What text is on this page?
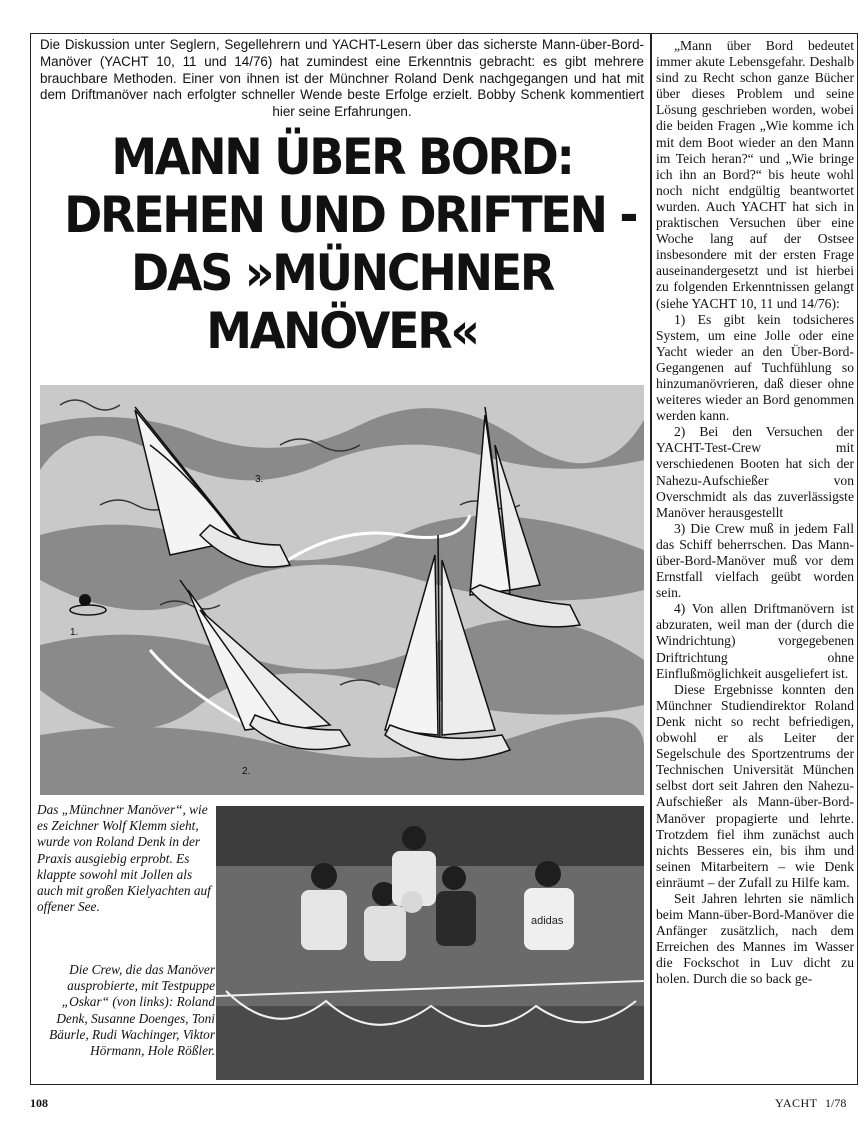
Die Diskussion unter Seglern, Segellehrern und YACHT-Lesern über das sicherste Mann-über-Bord-Manöver (YACHT 10, 11 und 14/76) hat zumindest eine Erkenntnis gebracht: es gibt mehrere brauchbare Methoden. Einer von ihnen ist der Münchner Roland Denk nachgegangen und hat mit dem Driftmanöver nach erfolgter schneller Wende beste Erfolge erzielt. Bobby Schenk kommentiert hier seine Erfahrungen.
MANN ÜBER BORD:
DREHEN UND DRIFTEN -
DAS »MÜNCHNER
MANÖVER«
1.
2.
3.
Das „Münchner Manöver“, wie es Zeichner Wolf Klemm sieht, wurde von Roland Denk in der Praxis ausgiebig erprobt. Es klappte sowohl mit Jollen als auch mit großen Kielyachten auf offener See.
Die Crew, die das Manöver ausprobierte, mit Testpuppe „Oskar“ (von links): Roland Denk, Susanne Doenges, Toni Bäurle, Rudi Wachinger, Viktor Hörmann, Hole Rößler.
adidas

„Mann über Bord bedeutet immer akute Lebensgefahr. Deshalb sind zu Recht schon ganze Bücher über dieses Problem und seine Lösung geschrieben worden, wobei die beiden Fragen „Wie komme ich mit dem Boot wieder an den Mann im Teich heran?“ und „Wie bringe ich ihn an Bord?“ bis heute wohl noch nicht endgültig beantwortet wurden. Auch YACHT hat sich in praktischen Versuchen über eine Woche lang auf der Ostsee insbesondere mit der ersten Frage auseinandergesetzt und ist hierbei zu folgenden Erkenntnissen gelangt (siehe YACHT 10, 11 und 14/76):

1) Es gibt kein todsicheres System, um eine Jolle oder eine Yacht wieder an den Über-Bord-Gegangenen auf Tuchfühlung so hinzumanövrieren, daß dieser ohne weiteres wieder an Bord genommen werden kann.

2) Bei den Versuchen der YACHT-Test-Crew mit verschiedenen Booten hat sich der Nahezu-Aufschießer von Overschmidt als das zuverlässigste Manöver herausgestellt

3) Die Crew muß in jedem Fall das Schiff beherrschen. Das Mann-über-Bord-Manöver muß vor dem Ernstfall vielfach geübt worden sein.

4) Von allen Driftmanövern ist abzuraten, weil man der (durch die Windrichtung) vorgegebenen Driftrichtung ohne Einflußmöglichkeit ausgeliefert ist.

Diese Ergebnisse konnten den Münchner Studiendirektor Roland Denk nicht so recht befriedigen, obwohl er als Leiter der Segelschule des Sportzentrums der Technischen Universität München selbst dort seit Jahren den Nahezu-Aufschießer als Mann-über-Bord-Manöver propagierte und lehrte. Trotzdem fiel ihm zunächst auch nichts Besseres ein, bis ihm und seinen Mitarbeitern – wie Denk einräumt – der Zufall zu Hilfe kam.

Seit Jahren lehrten sie nämlich beim Mann-über-Bord-Manöver die Anfänger zusätzlich, nach dem Erreichen des Mannes im Wasser die Fockschot in Luv dicht zu holen. Durch die so back ge-

108	YACHT 1/78
